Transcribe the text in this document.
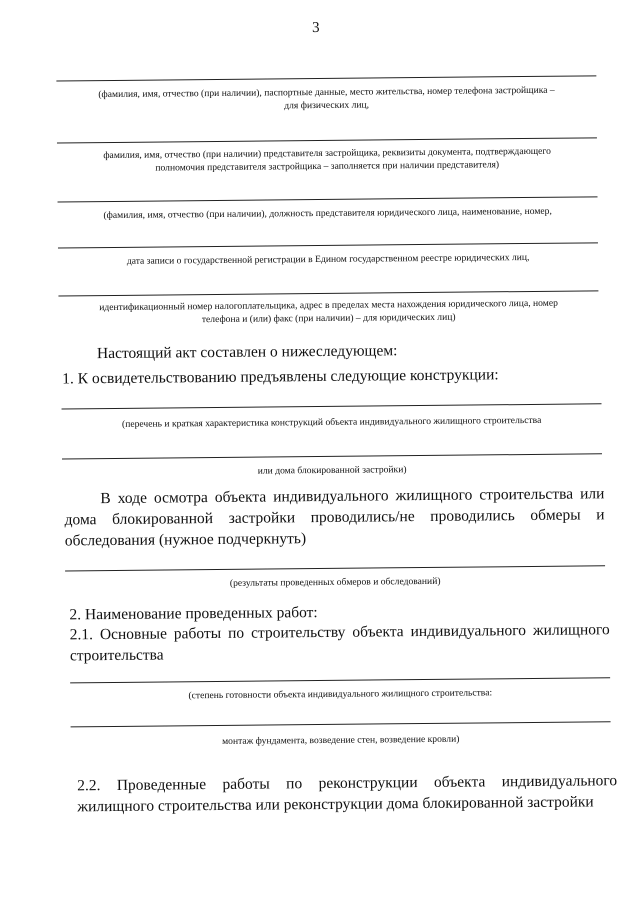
3
(фамилия, имя, отчество (при наличии), паспортные данные, место жительства, номер телефона застройщика –
для физических лиц,
фамилия, имя, отчество (при наличии) представителя застройщика, реквизиты документа, подтверждающего
полномочия представителя застройщика – заполняется при наличии представителя)
(фамилия, имя, отчество (при наличии), должность представителя юридического лица, наименование, номер,
дата записи о государственной регистрации в Едином государственном реестре юридических лиц,
идентификационный номер налогоплательщика, адрес в пределах места нахождения юридического лица, номер
телефона и (или) факс (при наличии) – для юридических лиц)
Настоящий акт составлен о нижеследующем:
1. К освидетельствованию предъявлены следующие конструкции:
(перечень и краткая характеристика конструкций объекта индивидуального жилищного строительства
или дома блокированной застройки)
В ходе осмотра объекта индивидуального жилищного строительства или дома блокированной застройки проводились/не проводились обмеры и обследования (нужное подчеркнуть)
(результаты проведенных обмеров и обследований)
2. Наименование проведенных работ:
2.1. Основные работы по строительству объекта индивидуального жилищного строительства
(степень готовности объекта индивидуального жилищного строительства:
монтаж фундамента, возведение стен, возведение кровли)
2.2. Проведенные работы по реконструкции объекта индивидуального жилищного строительства или реконструкции дома блокированной застройки
